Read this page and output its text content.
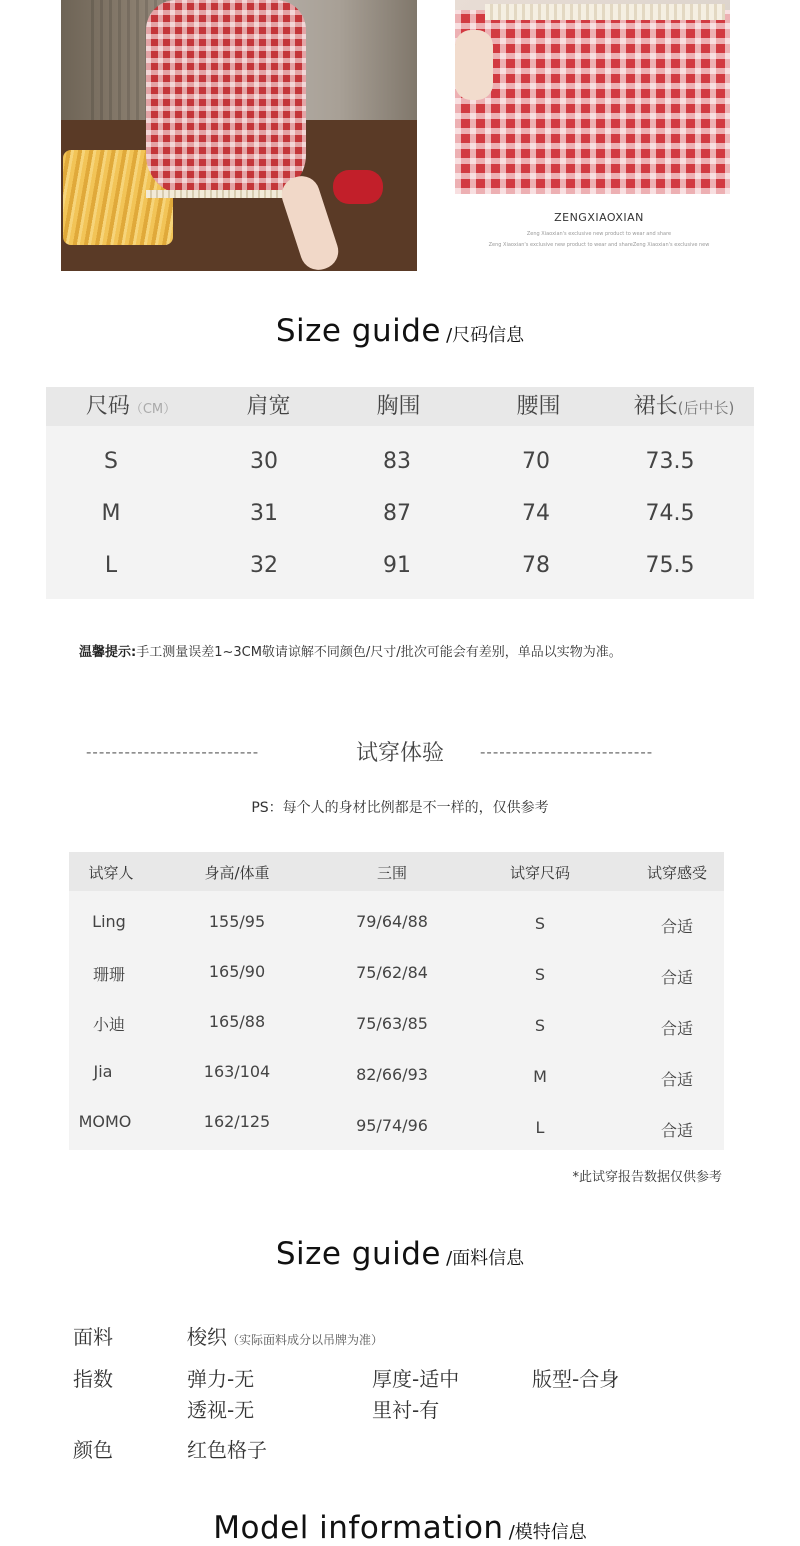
ZENGXIAOXIAN
Zeng Xiaoxian's exclusive new product to wear and share
Zeng Xiaoxian's exclusive new product to wear and shareZeng Xiaoxian's exclusive new
Size guide /尺码信息
尺码（CM）	肩宽	胸围	腰围	裙长(后中长)
S	30	83	70	73.5
M	31	87	74	74.5
L	32	91	78	75.5
温馨提示:手工测量误差1~3CM敬请谅解不同颜色/尺寸/批次可能会有差别，单品以实物为准。
---------------------------	试穿体验	---------------------------
PS：每个人的身材比例都是不一样的，仅供参考
试穿人	身高/体重	三围	试穿尺码	试穿感受
Ling	155/95	79/64/88	S	合适
珊珊	165/90	75/62/84	S	合适
小迪	165/88	75/63/85	S	合适
Jia	163/104	82/66/93	M	合适
MOMO	162/125	95/74/96	L	合适
*此试穿报告数据仅供参考
Size guide /面料信息
面料	梭织（实际面料成分以吊牌为准）
指数	弹力-无	厚度-适中	版型-合身
透视-无	里衬-有
颜色	红色格子
Model information /模特信息
